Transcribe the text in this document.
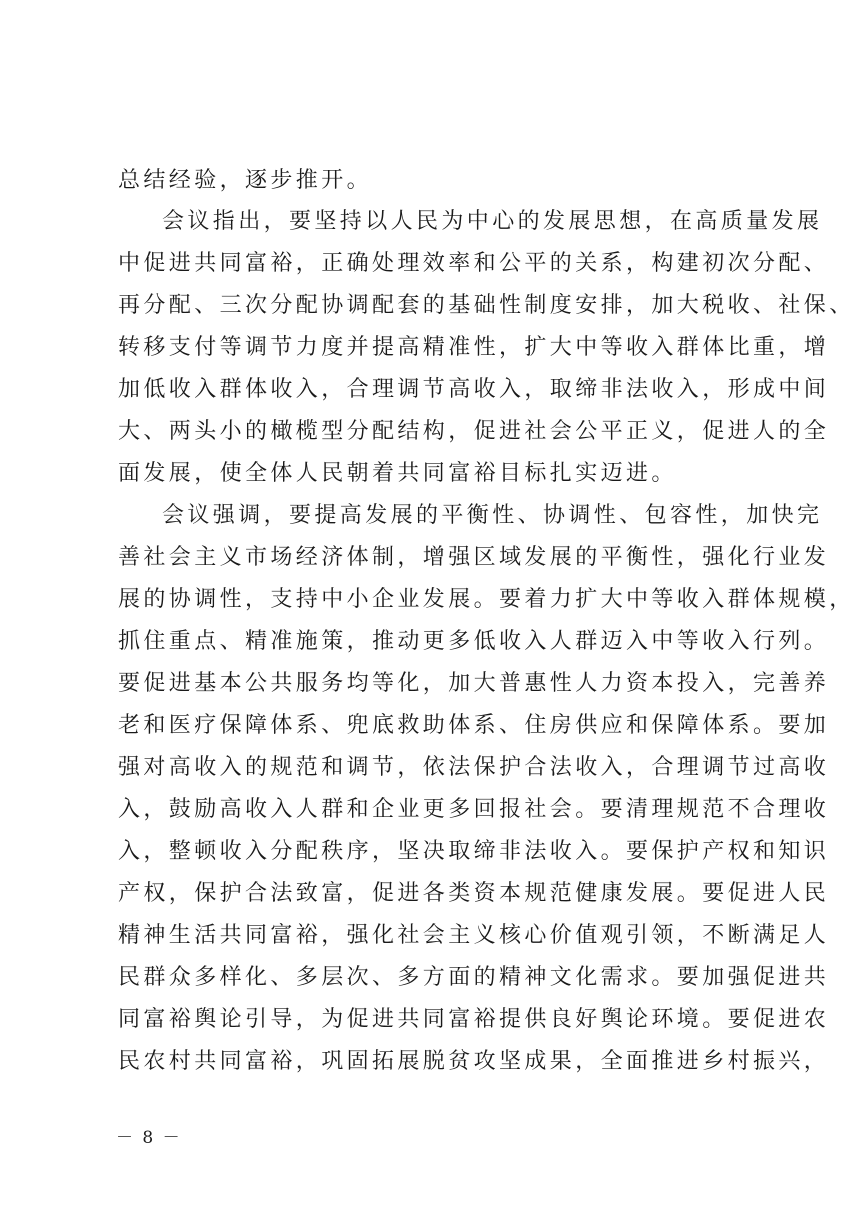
总结经验，逐步推开。
会议指出，要坚持以人民为中心的发展思想，在高质量发展
中促进共同富裕，正确处理效率和公平的关系，构建初次分配、
再分配、三次分配协调配套的基础性制度安排，加大税收、社保、
转移支付等调节力度并提高精准性，扩大中等收入群体比重，增
加低收入群体收入，合理调节高收入，取缔非法收入，形成中间
大、两头小的橄榄型分配结构，促进社会公平正义，促进人的全
面发展，使全体人民朝着共同富裕目标扎实迈进。
会议强调，要提高发展的平衡性、协调性、包容性，加快完
善社会主义市场经济体制，增强区域发展的平衡性，强化行业发
展的协调性，支持中小企业发展。要着力扩大中等收入群体规模，
抓住重点、精准施策，推动更多低收入人群迈入中等收入行列。
要促进基本公共服务均等化，加大普惠性人力资本投入，完善养
老和医疗保障体系、兜底救助体系、住房供应和保障体系。要加
强对高收入的规范和调节，依法保护合法收入，合理调节过高收
入，鼓励高收入人群和企业更多回报社会。要清理规范不合理收
入，整顿收入分配秩序，坚决取缔非法收入。要保护产权和知识
产权，保护合法致富，促进各类资本规范健康发展。要促进人民
精神生活共同富裕，强化社会主义核心价值观引领，不断满足人
民群众多样化、多层次、多方面的精神文化需求。要加强促进共
同富裕舆论引导，为促进共同富裕提供良好舆论环境。要促进农
民农村共同富裕，巩固拓展脱贫攻坚成果，全面推进乡村振兴，
－ 8 －
